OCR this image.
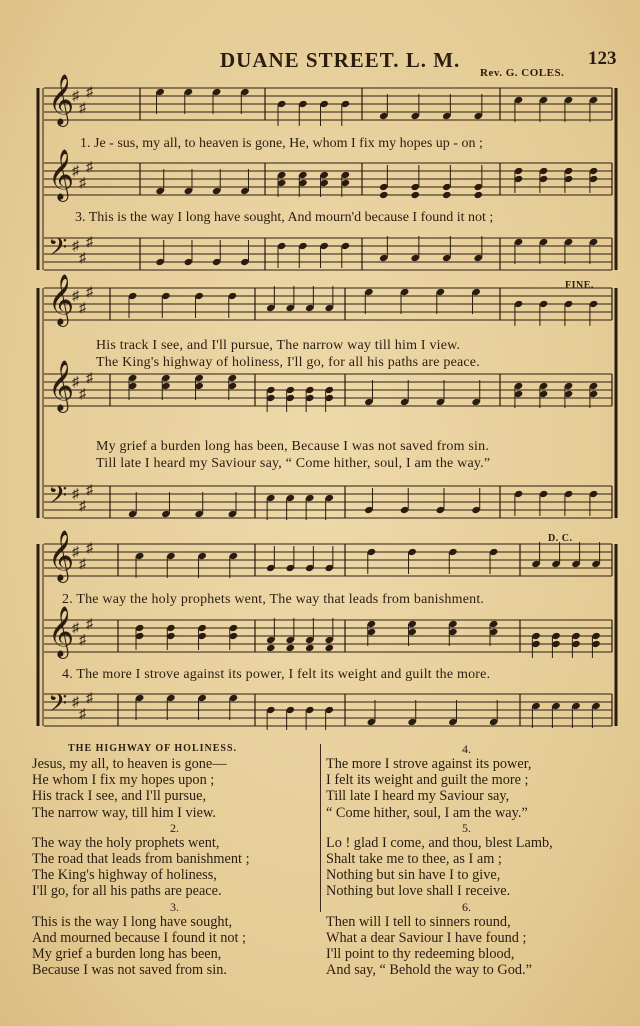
DUANE STREET. L. M.	123
Rev. G. COLES.
𝄞
♯
♯
♯
𝄞
♯
♯
♯
𝄢 ♯
♯
♯
𝄞
♯
♯
♯
𝄞
♯
♯
♯
𝄢 ♯
♯
♯
𝄞
♯
♯
♯
𝄞
♯
♯
♯
𝄢 ♯
♯
♯
1. Je - sus, my all, to heaven is gone, He, whom I fix my hopes up - on ;
3. This is the way I long have sought, And mourn'd because I found it not ;
FINE.
His track I see, and I'll pursue, The narrow way till him I view.
The King's highway of holiness, I'll go, for all his paths are peace.
My grief a burden long has been, Because I was not saved from sin.
Till late I heard my Saviour say, “ Come hither, soul, I am the way.”
D. C.
2. The way the holy prophets went, The way that leads from banishment.
4. The more I strove against its power, I felt its weight and guilt the more.
THE HIGHWAY OF HOLINESS.
Jesus, my all, to heaven is gone—
He whom I fix my hopes upon ;
His track I see, and I'll pursue,
The narrow way, till him I view.
2.
The way the holy prophets went,
The road that leads from banishment ;
The King's highway of holiness,
I'll go, for all his paths are peace.
3.
This is the way I long have sought,
And mourned because I found it not ;
My grief a burden long has been,
Because I was not saved from sin.
4.
The more I strove against its power,
I felt its weight and guilt the more ;
Till late I heard my Saviour say,
“ Come hither, soul, I am the way.”
5.
Lo ! glad I come, and thou, blest Lamb,
Shalt take me to thee, as I am ;
Nothing but sin have I to give,
Nothing but love shall I receive.
6.
Then will I tell to sinners round,
What a dear Saviour I have found ;
I'll point to thy redeeming blood,
And say, “ Behold the way to God.”
